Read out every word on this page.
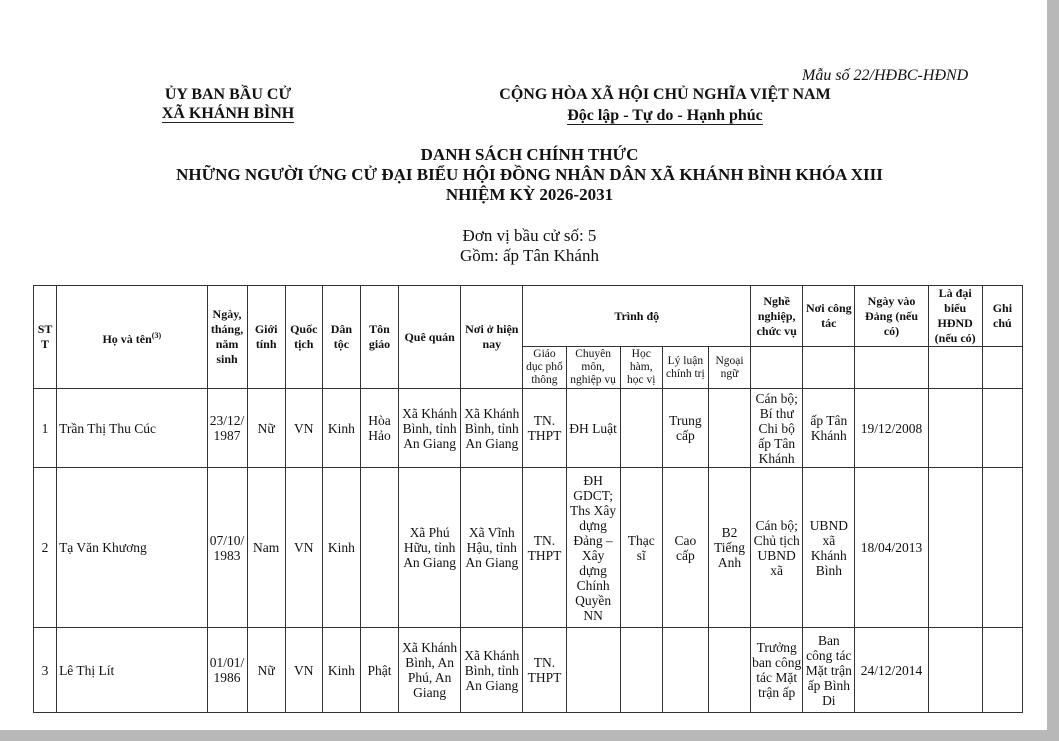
Mẫu số 22/HĐBC-HĐND
ỦY BAN BẦU CỬ
XÃ KHÁNH BÌNH
CỘNG HÒA XÃ HỘI CHỦ NGHĨA VIỆT NAM
Độc lập - Tự do - Hạnh phúc
DANH SÁCH CHÍNH THỨC
NHỮNG NGƯỜI ỨNG CỬ ĐẠI BIỂU HỘI ĐỒNG NHÂN DÂN XÃ KHÁNH BÌNH KHÓA XIII
NHIỆM KỲ 2026-2031
Đơn vị bầu cử số: 5
Gồm: ấp Tân Khánh
STT	Họ và tên$^{(3)}$	Ngày, tháng, năm sinh	Giới tính	Quốc tịch	Dân tộc	Tôn giáo	Quê quán	Nơi ở hiện nay	Trình độ					Nghề nghiệp, chức vụ	Nơi công tác	Ngày vào Đảng (nếu có)	Là đại biểu HĐND (nếu có)	Ghi chú
									Giáo dục phổ thông	Chuyên môn, nghiệp vụ	Học hàm, học vị	Lý luận chính trị	Ngoại ngữ					
1	Trần Thị Thu Cúc	23/12/1987	Nữ	VN	Kinh	Hòa Hảo	Xã Khánh Bình, tỉnh An Giang	Xã Khánh Bình, tỉnh An Giang	TN. THPT	ĐH Luật		Trung cấp		Cán bộ; Bí thư Chi bộ ấp Tân Khánh	ấp Tân Khánh	19/12/2008		
2	Tạ Văn Khương	07/10/1983	Nam	VN	Kinh		Xã Phú Hữu, tỉnh An Giang	Xã Vĩnh Hậu, tỉnh An Giang	TN. THPT	ĐH GDCT; Ths Xây dựng Đảng – Xây dựng Chính Quyền NN	Thạc sĩ	Cao cấp	B2 Tiếng Anh	Cán bộ; Chủ tịch UBND xã	UBND xã Khánh Bình	18/04/2013		
3	Lê Thị Lít	01/01/1986	Nữ	VN	Kinh	Phật	Xã Khánh Bình, An Phú, An Giang	Xã Khánh Bình, tỉnh An Giang	TN. THPT					Trưởng ban công tác Mặt trận ấp	Ban công tác Mặt trận ấp Bình Di	24/12/2014		
